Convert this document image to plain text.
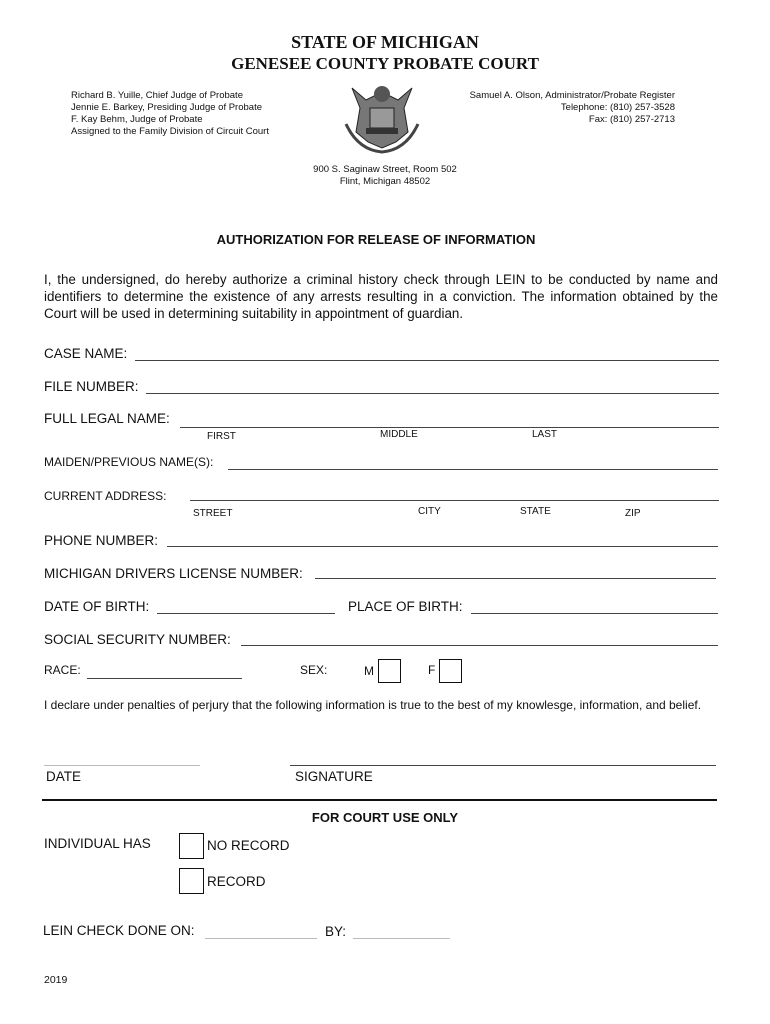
STATE OF MICHIGAN
GENESEE COUNTY PROBATE COURT
Richard B. Yuille, Chief Judge of Probate
Jennie E. Barkey, Presiding Judge of Probate
F. Kay Behm, Judge of Probate
Assigned to the Family Division of Circuit Court
Samuel A. Olson, Administrator/Probate Register
Telephone: (810) 257-3528
Fax: (810) 257-2713
900 S. Saginaw Street, Room 502
Flint, Michigan 48502
AUTHORIZATION FOR RELEASE OF INFORMATION
I, the undersigned, do hereby authorize a criminal history check through LEIN to be conducted by name and identifiers to determine the existence of any arrests resulting in a conviction. The information obtained by the Court will be used in determining suitability in appointment of guardian.
CASE NAME:
FILE NUMBER:
FULL LEGAL NAME:
FIRST	MIDDLE	LAST
MAIDEN/PREVIOUS NAME(S):
CURRENT ADDRESS:
STREET	CITY	STATE	ZIP
PHONE NUMBER:
MICHIGAN DRIVERS LICENSE NUMBER:
DATE OF BIRTH:	PLACE OF BIRTH:
SOCIAL SECURITY NUMBER:
RACE:	SEX:	M	F
I declare under penalties of perjury that the following information is true to the best of my knowlesge, information, and belief.
DATE	SIGNATURE
FOR COURT USE ONLY
INDIVIDUAL HAS	NO RECORD
RECORD
LEIN CHECK DONE ON:	BY:
2019
